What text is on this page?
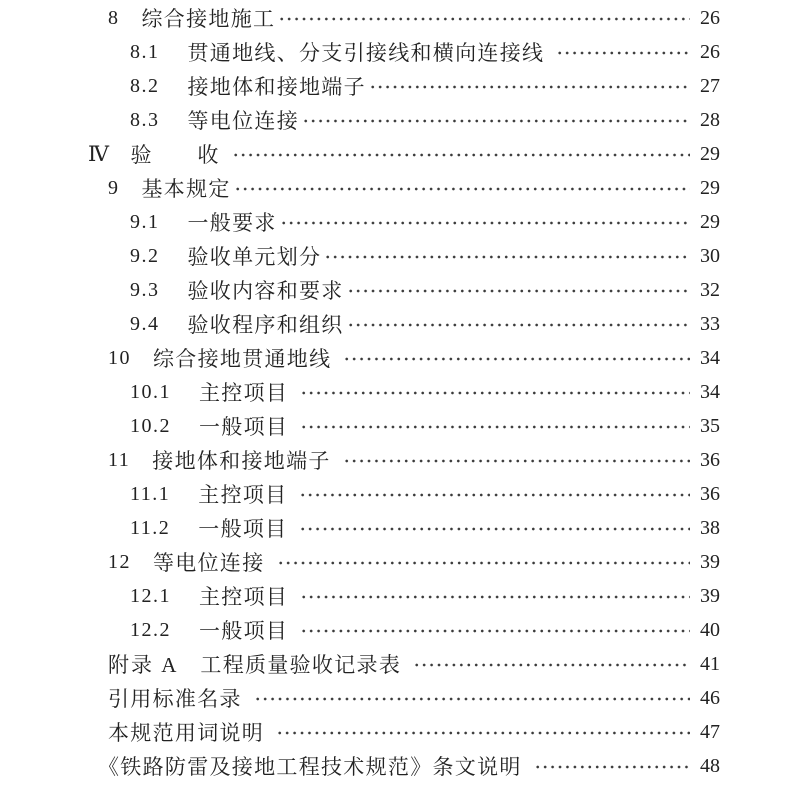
8 综合接地施工	26
8.1 贯通地线、分支引接线和横向连接线	26
8.2 接地体和接地端子	27
8.3 等电位连接	28
Ⅳ 验　　收	29
9 基本规定	29
9.1 一般要求	29
9.2 验收单元划分	30
9.3 验收内容和要求	32
9.4 验收程序和组织	33
10 综合接地贯通地线	34
10.1 主控项目	34
10.2 一般项目	35
11 接地体和接地端子	36
11.1 主控项目	36
11.2 一般项目	38
12 等电位连接	39
12.1 主控项目	39
12.2 一般项目	40
附录 A 工程质量验收记录表	41
引用标准名录	46
本规范用词说明	47
《铁路防雷及接地工程技术规范》条文说明	48
